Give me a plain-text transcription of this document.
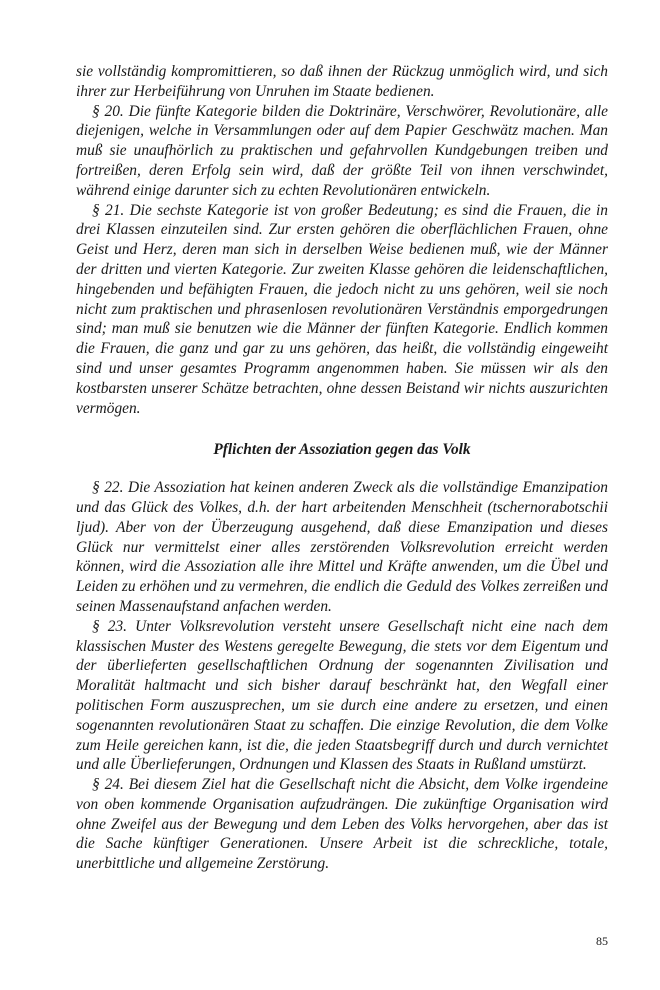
sie vollständig kompromittieren, so daß ihnen der Rückzug unmöglich wird, und sich ihrer zur Herbeiführung von Unruhen im Staate bedienen.

§ 20. Die fünfte Kategorie bilden die Doktrinäre, Verschwörer, Revolutionäre, alle diejenigen, welche in Versammlungen oder auf dem Papier Geschwätz machen. Man muß sie unaufhörlich zu praktischen und gefahrvollen Kundgebungen treiben und fortreißen, deren Erfolg sein wird, daß der größte Teil von ihnen verschwindet, während einige darunter sich zu echten Revolutionären entwickeln.

§ 21. Die sechste Kategorie ist von großer Bedeutung; es sind die Frauen, die in drei Klassen einzuteilen sind. Zur ersten gehören die oberflächlichen Frauen, ohne Geist und Herz, deren man sich in derselben Weise bedienen muß, wie der Männer der dritten und vierten Kategorie. Zur zweiten Klasse gehören die leidenschaftlichen, hingebenden und befähigten Frauen, die jedoch nicht zu uns gehören, weil sie noch nicht zum praktischen und phrasenlosen revolutionären Verständnis emporgedrungen sind; man muß sie benutzen wie die Männer der fünften Kategorie. Endlich kommen die Frauen, die ganz und gar zu uns gehören, das heißt, die vollständig eingeweiht sind und unser gesamtes Programm angenommen haben. Sie müssen wir als den kostbarsten unserer Schätze betrachten, ohne dessen Beistand wir nichts auszurichten vermögen.

Pflichten der Assoziation gegen das Volk

§ 22. Die Assoziation hat keinen anderen Zweck als die vollständige Emanzipation und das Glück des Volkes, d.h. der hart arbeitenden Menschheit (tschernorabotschii ljud). Aber von der Überzeugung ausgehend, daß diese Emanzipation und dieses Glück nur vermittelst einer alles zerstörenden Volksrevolution erreicht werden können, wird die Assoziation alle ihre Mittel und Kräfte anwenden, um die Übel und Leiden zu erhöhen und zu vermehren, die endlich die Geduld des Volkes zerreißen und seinen Massenaufstand anfachen werden.

§ 23. Unter Volksrevolution versteht unsere Gesellschaft nicht eine nach dem klassischen Muster des Westens geregelte Bewegung, die stets vor dem Eigentum und der überlieferten gesellschaftlichen Ordnung der sogenannten Zivilisation und Moralität haltmacht und sich bisher darauf beschränkt hat, den Wegfall einer politischen Form auszusprechen, um sie durch eine andere zu ersetzen, und einen sogenannten revolutionären Staat zu schaffen. Die einzige Revolution, die dem Volke zum Heile gereichen kann, ist die, die jeden Staatsbegriff durch und durch vernichtet und alle Überlieferungen, Ordnungen und Klassen des Staats in Rußland umstürzt.

§ 24. Bei diesem Ziel hat die Gesellschaft nicht die Absicht, dem Volke irgendeine von oben kommende Organisation aufzudrängen. Die zukünftige Organisation wird ohne Zweifel aus der Bewegung und dem Leben des Volks hervorgehen, aber das ist die Sache künftiger Generationen. Unsere Arbeit ist die schreckliche, totale, unerbittliche und allgemeine Zerstörung.

85
